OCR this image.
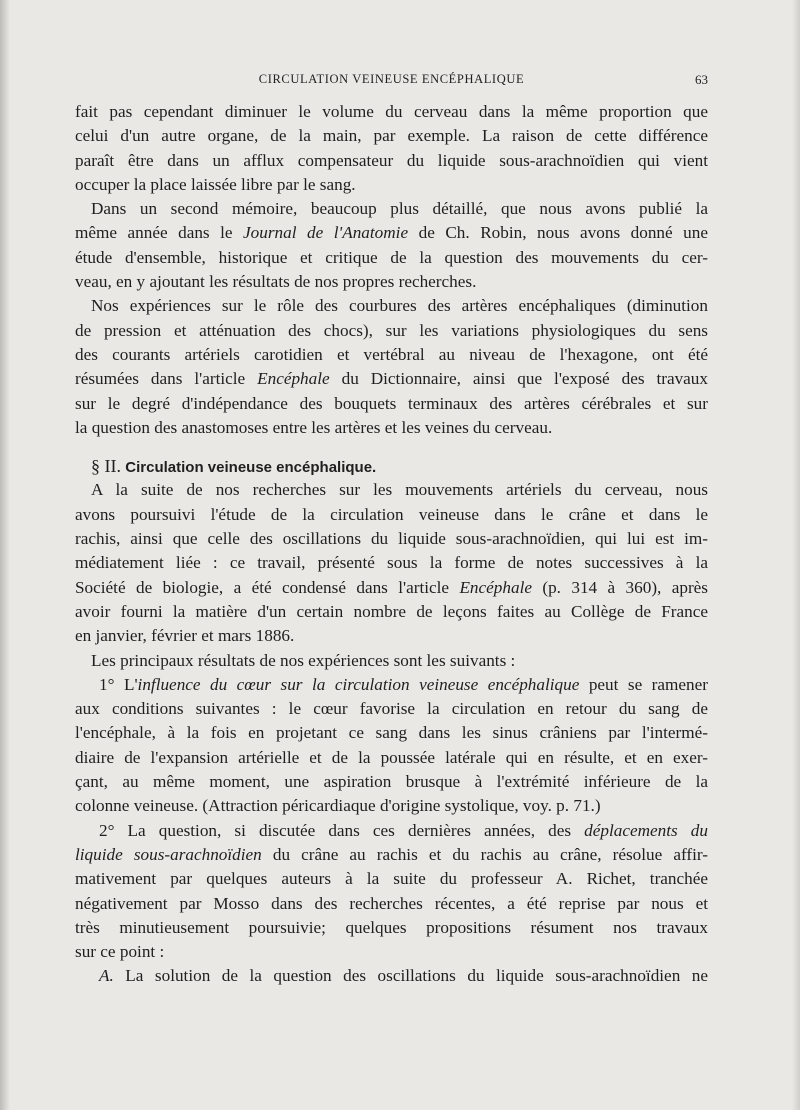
CIRCULATION VEINEUSE ENCÉPHALIQUE	63
fait pas cependant diminuer le volume du cerveau dans la même proportion que
celui d'un autre organe, de la main, par exemple. La raison de cette différence
paraît être dans un afflux compensateur du liquide sous-arachnoïdien qui vient
occuper la place laissée libre par le sang.
Dans un second mémoire, beaucoup plus détaillé, que nous avons publié la
même année dans le Journal de l'Anatomie de Ch. Robin, nous avons donné une
étude d'ensemble, historique et critique de la question des mouvements du cer-
veau, en y ajoutant les résultats de nos propres recherches.
Nos expériences sur le rôle des courbures des artères encéphaliques (diminution
de pression et atténuation des chocs), sur les variations physiologiques du sens
des courants artériels carotidien et vertébral au niveau de l'hexagone, ont été
résumées dans l'article Encéphale du Dictionnaire, ainsi que l'exposé des travaux
sur le degré d'indépendance des bouquets terminaux des artères cérébrales et sur
la question des anastomoses entre les artères et les veines du cerveau.
§ II. Circulation veineuse encéphalique.
A la suite de nos recherches sur les mouvements artériels du cerveau, nous
avons poursuivi l'étude de la circulation veineuse dans le crâne et dans le
rachis, ainsi que celle des oscillations du liquide sous-arachnoïdien, qui lui est im-
médiatement liée : ce travail, présenté sous la forme de notes successives à la
Société de biologie, a été condensé dans l'article Encéphale (p. 314 à 360), après
avoir fourni la matière d'un certain nombre de leçons faites au Collège de France
en janvier, février et mars 1886.
Les principaux résultats de nos expériences sont les suivants :
1° L'influence du cœur sur la circulation veineuse encéphalique peut se ramener
aux conditions suivantes : le cœur favorise la circulation en retour du sang de
l'encéphale, à la fois en projetant ce sang dans les sinus crâniens par l'intermé-
diaire de l'expansion artérielle et de la poussée latérale qui en résulte, et en exer-
çant, au même moment, une aspiration brusque à l'extrémité inférieure de la
colonne veineuse. (Attraction péricardiaque d'origine systolique, voy. p. 71.)
2° La question, si discutée dans ces dernières années, des déplacements du
liquide sous-arachnoïdien du crâne au rachis et du rachis au crâne, résolue affir-
mativement par quelques auteurs à la suite du professeur A. Richet, tranchée
négativement par Mosso dans des recherches récentes, a été reprise par nous et
très minutieusement poursuivie; quelques propositions résument nos travaux
sur ce point :
A. La solution de la question des oscillations du liquide sous-arachnoïdien ne
